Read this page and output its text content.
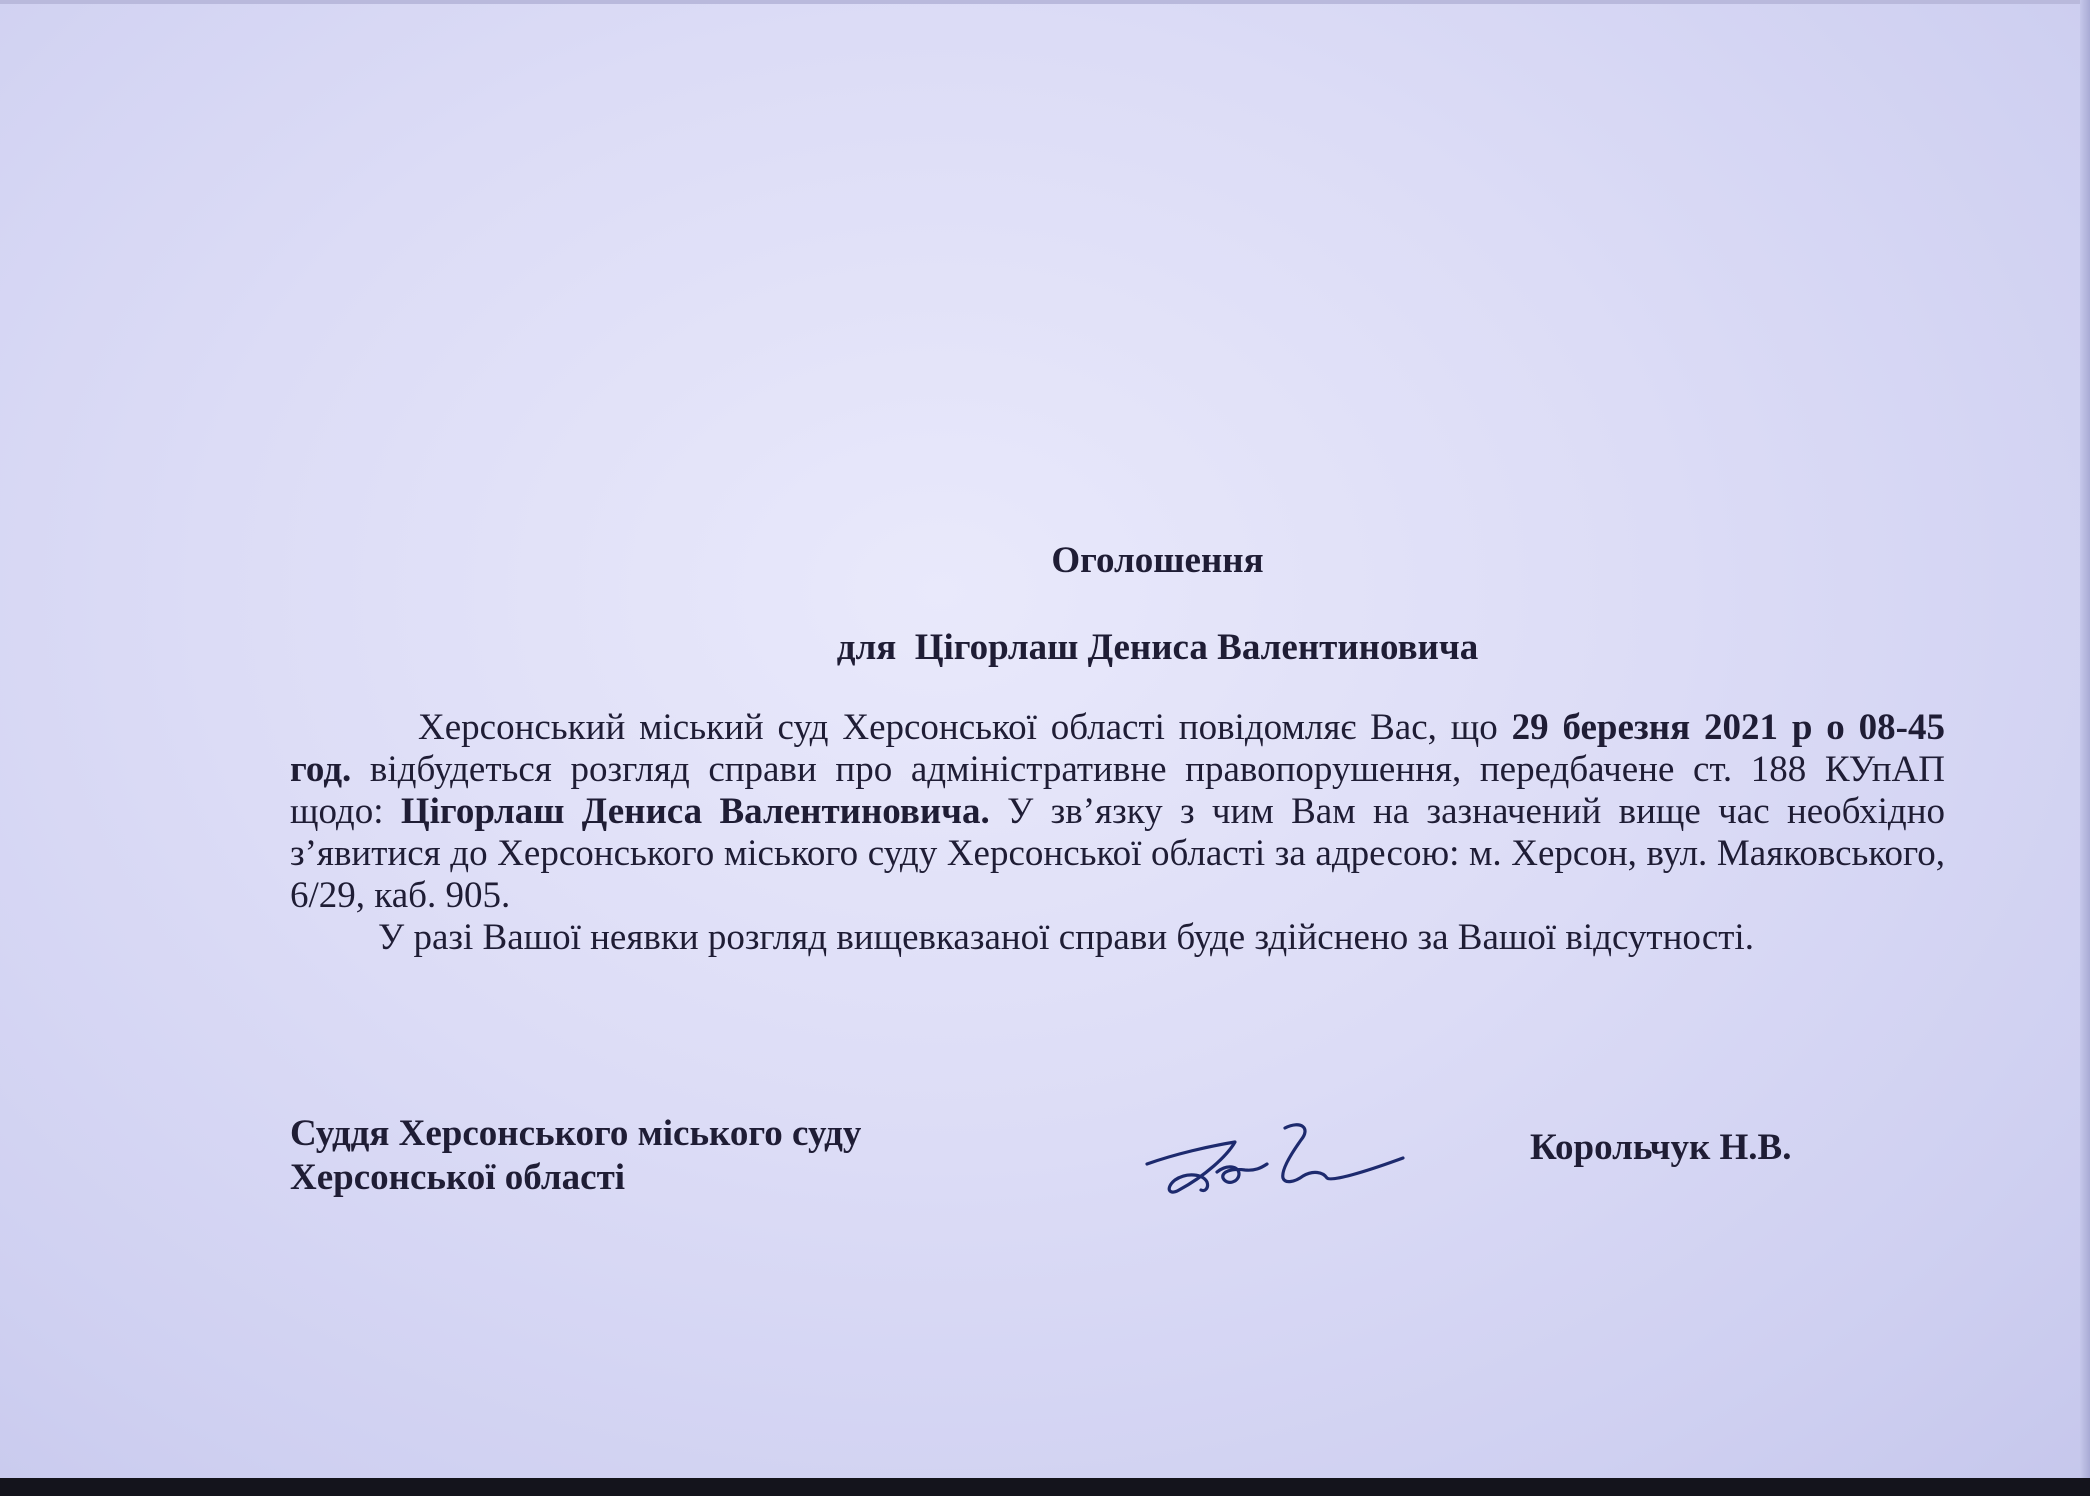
Оголошення
для  Цігорлаш Дениса Валентиновича

Херсонський міський суд Херсонської області повідомляє Вас, що 29 березня 2021 р о 08-45 год. відбудеться розгляд справи про адміністративне правопорушення, передбачене ст. 188 КУпАП щодо: Цігорлаш Дениса Валентиновича. У зв’язку з чим Вам на зазначений вище час необхідно з’явитися до Херсонського міського суду Херсонської області за адресою: м. Херсон, вул. Маяковського, 6/29, каб. 905.

У разі Вашої неявки розгляд вищевказаної справи буде здійснено за Вашої відсутності.

Суддя Херсонського міського суду
Херсонської області
Корольчук Н.В.
